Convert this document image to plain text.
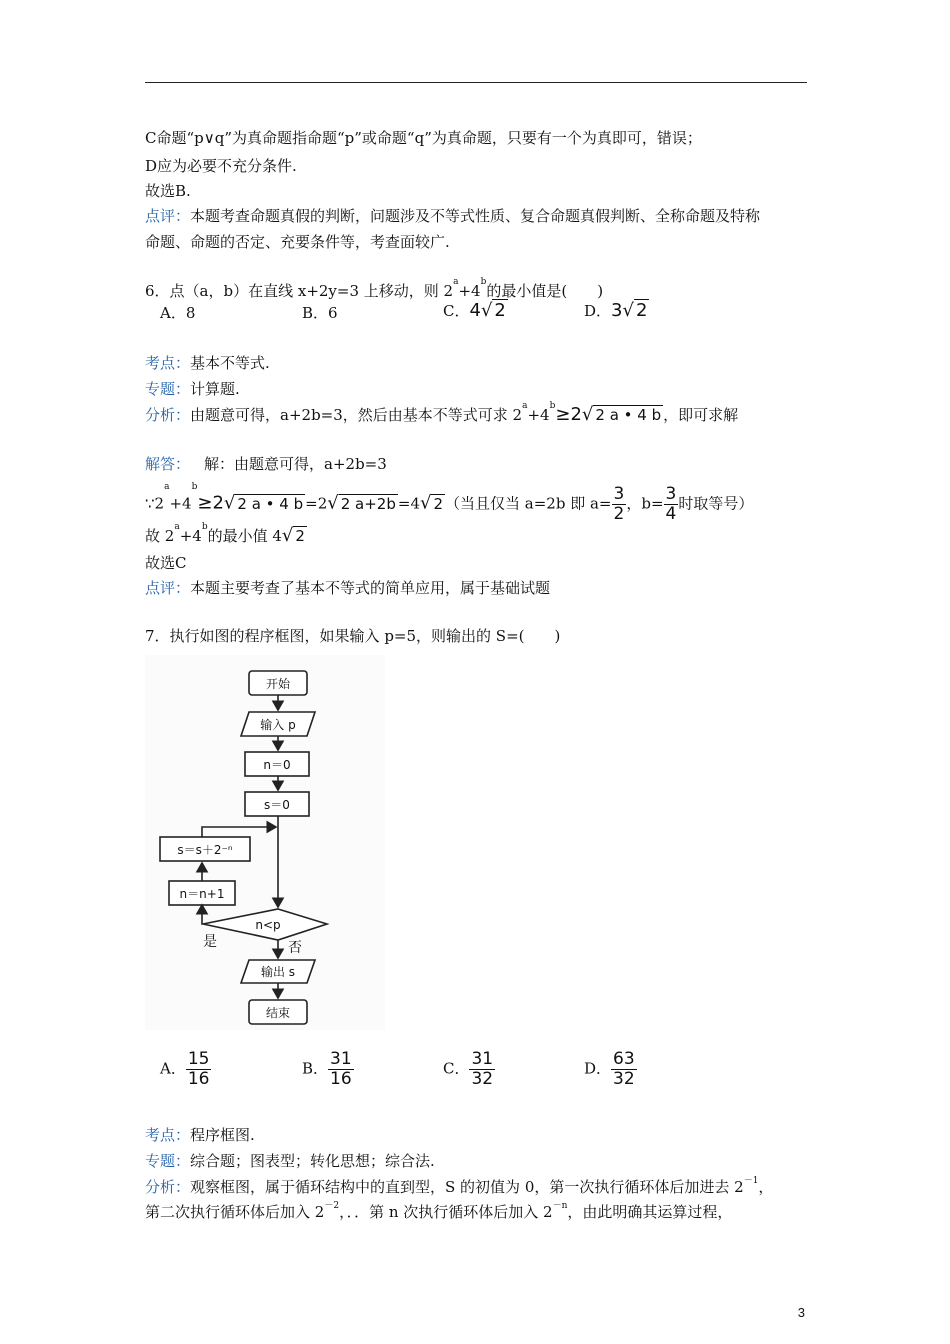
C命题“p∨q”为真命题指命题“p”或命题“q”为真命题，只要有一个为真即可，错误；
D应为必要不充分条件.
故选B.
点评：本题考查命题真假的判断，问题涉及不等式性质、复合命题真假判断、全称命题及特称
命题、命题的否定、充要条件等，考查面较广.
6．点（a，b）在直线 x+2y=3 上移动，则 $2^a+4^b$的最小值是(　　)
A．8	B．6	C．4√ 2	D．3√ 2
考点：基本不等式.
专题：计算题.
分析：由题意可得，a+2b=3，然后由基本不等式可求 $2^a+4^b\ge 2√$ 2 a • 4 b ，即可求解
解答： 解：由题意可得，a+2b=3
$\because 2^a+4^b\ge 2√$ 2 a • 4 b =2√ 2 a+2b =4√ 2 （当且仅当 a=2b 即 $a= \frac{3}{2}$ ，$b= \frac{3}{4}$ 时取等号）
故 $2^a+4^b$的最小值 4√ 2
故选C
点评：本题主要考查了基本不等式的简单应用，属于基础试题
7．执行如图的程序框图，如果输入 p=5，则输出的 S=(　　)
开始
输入 p
n＝0
s＝0
s＝s＋2⁻ⁿ
n＝n+1
n<p
是	否
输出 s
结束
A． $\frac{15}{16}$	B． $\frac{31}{16}$	C． $\frac{31}{32}$	D． $\frac{63}{32}$
考点：程序框图.
专题：综合题；图表型；转化思想；综合法.
分析：观察框图，属于循环结构中的直到型，S 的初值为 0，第一次执行循环体后加进去 $2^{-1}$，
第二次执行循环体后加入 $2^{-2}$，．．第 n 次执行循环体后加入 $2^{-n}$，由此明确其运算过程，
3
